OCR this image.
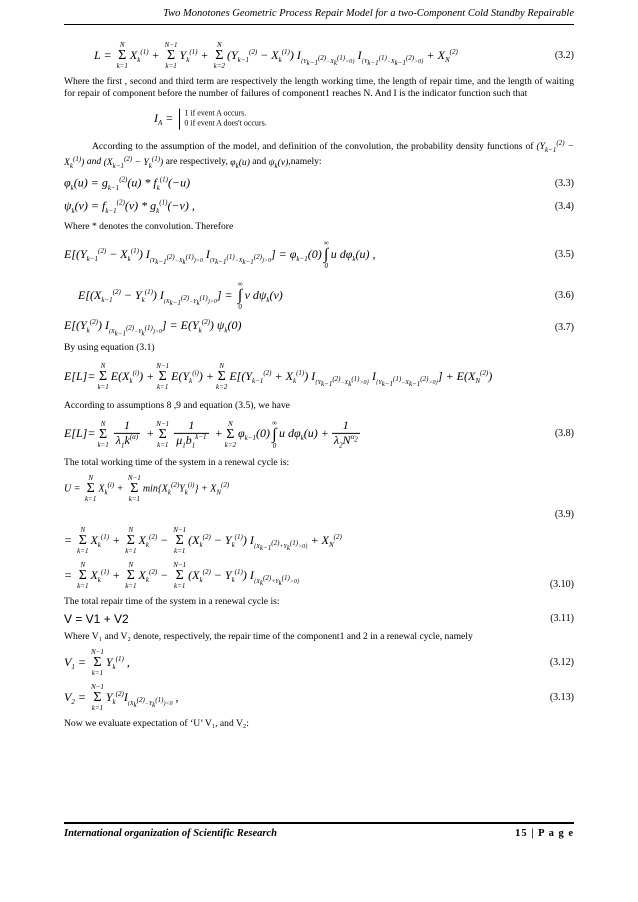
Two Monotones Geometric Process Repair Model for a two-Component Cold Standby Repairable
L = N
Σ
$k=1X_k^{(1)} + N-1$
Σ
$k=1Y_k^{(1)} + N$
Σ
$k=2(Y_{k-1}^{(2)} - X_k^{(1)})$ $I_{\{Y_{k-1}^{(2)}-X_k^{(1)}>0\}}$ $I_{\{Y_{k-1}^{(1)}-X_{k-1}^{(2)}>0\}} + X_N^{(2)}$	(3.2)

Where the first , second and third term are respectively the length working time, the length of repair time, and the length of waiting for repair of component before the number of failures of component1 reaches N. And I is the indicator function such that

$I_A = 1$ if event A occurs.
0 if event A does't occurs.

According to the assumption of the model, and definition of the convolution, the probability density functions of $(Y_{k-1}^{(2)} - X_k^{(1)})$ and $(X_{k-1}^{(2)} - Y_k^{(1)})$ are respectively, $\varphi_k(u)$ and $\psi_k(v),namely$:

$\varphi_k(u) = g_{k-1}^{(2)}(u) * f_k^{(1)}(-u)$	(3.3)
$\psi_k(v) = f_{k-1}^{(2)}(v) * g_k^{(1)}(-v)$ ,	(3.4)

Where * denotes the convolution. Therefore

$E[(Y_{k-1}^{(2)} - X_k^{(1)})$ $I_{(Y_{k-1}^{(2)}-X_k^{(1)})>0}$ $I_{(Y_{k-1}^{(1)}-X_{k-1}^{(2)})>0}] = \varphi_{k-1}(0)\infty$
∫
0u $d\varphi_k(u)$ ,	(3.5)
$E[(X_{k-1}^{(2)} - Y_k^{(1)}) I_{(X_{k-1}^{(2)}-Y_k^{(1)})>0}]$ = ∞
∫
0v $d\psi_k(v)$	(3.6)
$E[(Y_k^{(2)}) I_{(X_{k-1}^{(2)}-Y_k^{(1)})>0}] = E(Y_k^{(2)})$ $\psi_k(0)$	(3.7)

By using equation (3.1)

E[L]=N
Σ
$k=1E(X_k^{(i)}) +N-1$
Σ
$k=1E(Y_k^{(i)}) +N$
Σ
$k=2E[(Y_{k-1}^{(2)} + X_k^{(1)})$ $I_{\{Y_{k-1}^{(2)}-X_k^{(1)}>0\}}$ $I_{\{Y_{k-1}^{(1)}-X_{k-1}^{(2)}>0\}}] + E(X_N^{(2)})$

According to assumptions 8 ,9 and equation (3.5), we have

E[L]=N
Σ
$k=1 \frac{1}{\lambda_1k^{(\alpha)}} +N-1$
Σ
$k=1 \frac{1}{\mu_1b_1^{k-1}} +N$
Σ
$k=2\varphi_{k-1}(0)\infty$
∫
0u $d\varphi_k(u) + \frac{1}{\lambda_2N^{\alpha_2}}$	(3.8)

The total working time of the system in a renewal cycle is:

U = N
Σ
$k=1X_k^{(i)} + N-1$
Σ
$k=1\min\{X_k^{(2)}Y_k^{(i)}\} + X_N^{(2)}$
(3.9)
= N
Σ
$k=1X_k^{(1)} + N$
Σ
$k=1X_k^{(2)} - N-1$
Σ
$k=1(X_k^{(2)} - Y_k^{(1)}) I_{\{X_{k-1}^{(2)}+Y_k^{(1)}>0\}} + X_N^{(2)}$
= N
Σ
$k=1X_k^{(1)} + N$
Σ
$k=1X_k^{(2)} - N-1$
Σ
$k=1(X_k^{(2)} - Y_k^{(1)})$ $I_{\{X_k^{(2)}+Y_k^{(1)}>0\}}$	(3.10)

The total repair time of the system in a renewal cycle is:

V = V1 + V2	(3.11)

Where V₁ and V₂ denote, respectively, the repair time of the component1 and 2 in a renewal cycle, namely

$V_1 = N-1$
Σ
$k=1Y_k^{(1)}$ ,	(3.12)
$V_2 = N-1$
Σ
$k=1Y_k^{(2)}I_{(X_k^{(2)}-Y_k^{(1)})<0}$ ,	(3.13)

Now we evaluate expectation of ‘U’ V₁, and V₂:

International organization of Scientific Research	15 | P a g e
